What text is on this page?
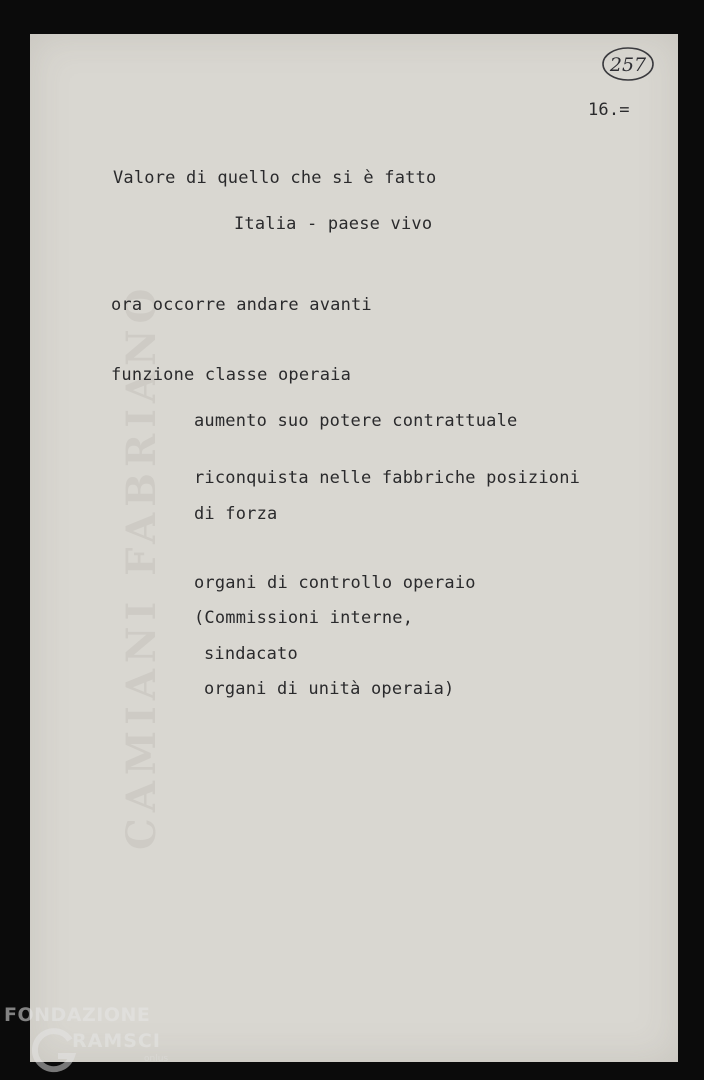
CAMIANI FABRIANO
257
16.=
Valore di quello che si è fatto
Italia - paese vivo
ora occorre andare avanti
funzione classe operaia
aumento suo potere contrattuale
riconquista nelle fabbriche posizioni
di forza
organi di controllo operaio
(Commissioni interne,
sindacato
organi di unità operaia)
FONDAZIONE
RAMSCI
onlus
